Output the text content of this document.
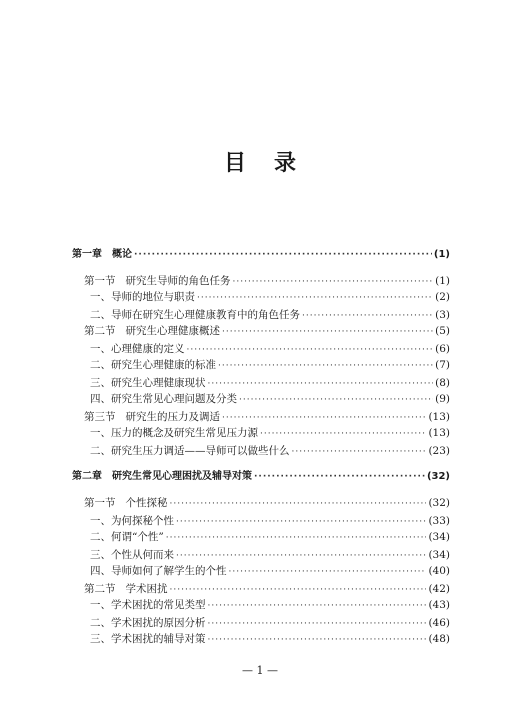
目 录
第一章 概论 ·····	(1)
第一节 研究生导师的角色任务 ·····	(1)
一、导师的地位与职责 ·····	(2)
二、导师在研究生心理健康教育中的角色任务 ·····	(3)
第二节 研究生心理健康概述 ·····	(5)
一、心理健康的定义 ·····	(6)
二、研究生心理健康的标准 ·····	(7)
三、研究生心理健康现状 ·····	(8)
四、研究生常见心理问题及分类 ·····	(9)
第三节 研究生的压力及调适 ·····	(13)
一、压力的概念及研究生常见压力源 ·····	(13)
二、研究生压力调适——导师可以做些什么 ·····	(23)
第二章 研究生常见心理困扰及辅导对策 ·····	(32)
第一节 个性探秘 ·····	(32)
一、为何探秘个性 ·····	(33)
二、何谓“个性” ·····	(34)
三、个性从何而来 ·····	(34)
四、导师如何了解学生的个性 ·····	(40)
第二节 学术困扰 ·····	(42)
一、学术困扰的常见类型 ·····	(43)
二、学术困扰的原因分析 ·····	(46)
三、学术困扰的辅导对策 ·····	(48)
— 1 —
